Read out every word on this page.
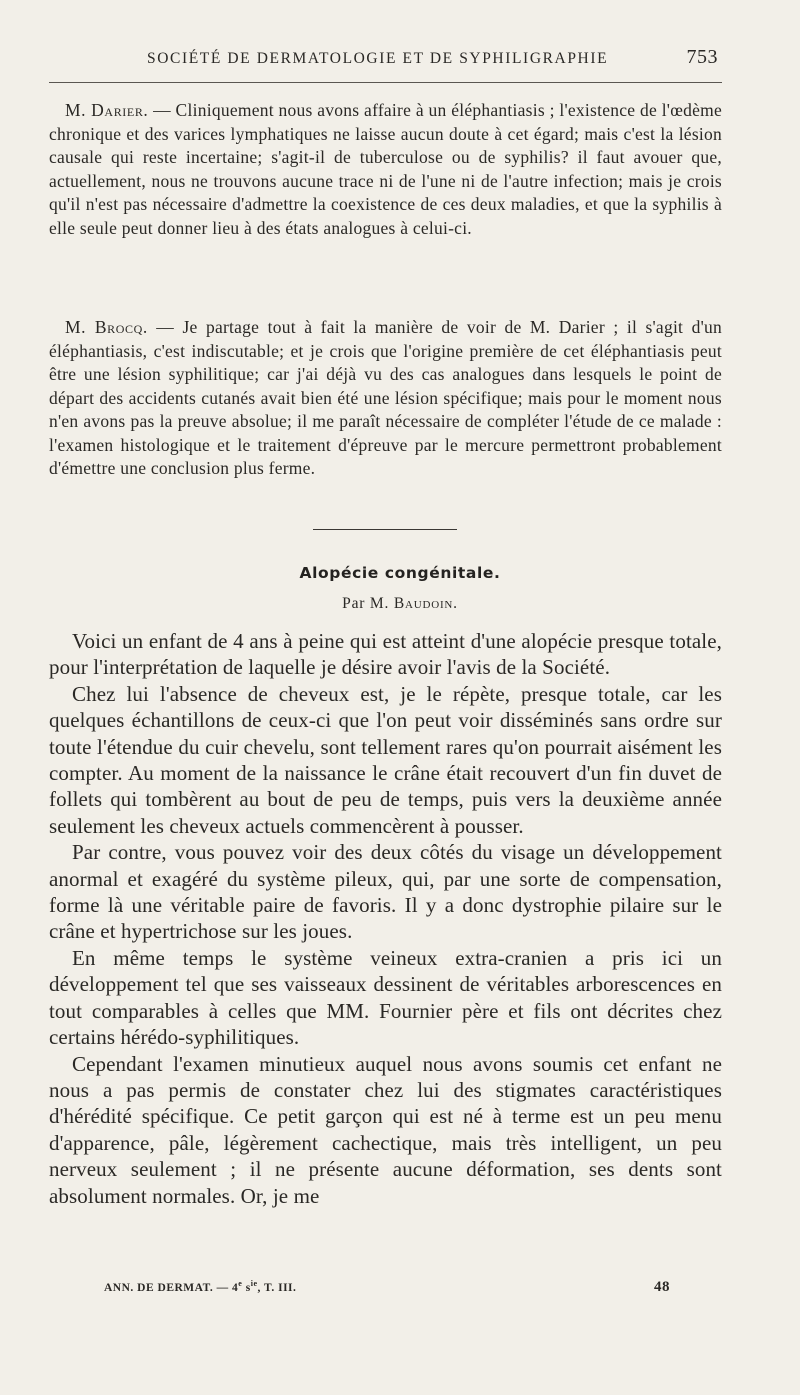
SOCIÉTÉ DE DERMATOLOGIE ET DE SYPHILIGRAPHIE	753

M. Darier. — Cliniquement nous avons affaire à un éléphantiasis ; l'existence de l'œdème chronique et des varices lymphatiques ne laisse aucun doute à cet égard; mais c'est la lésion causale qui reste incertaine; s'agit-il de tuberculose ou de syphilis? il faut avouer que, actuellement, nous ne trouvons aucune trace ni de l'une ni de l'autre infection; mais je crois qu'il n'est pas nécessaire d'admettre la coexistence de ces deux maladies, et que la syphilis à elle seule peut donner lieu à des états analogues à celui-ci.

M. Brocq. — Je partage tout à fait la manière de voir de M. Darier ; il s'agit d'un éléphantiasis, c'est indiscutable; et je crois que l'origine première de cet éléphantiasis peut être une lésion syphilitique; car j'ai déjà vu des cas analogues dans lesquels le point de départ des accidents cutanés avait bien été une lésion spécifique; mais pour le moment nous n'en avons pas la preuve absolue; il me paraît nécessaire de compléter l'étude de ce malade : l'examen histologique et le traitement d'épreuve par le mercure permettront probablement d'émettre une conclusion plus ferme.

Alopécie congénitale.

Par M. Baudoin.

Voici un enfant de 4 ans à peine qui est atteint d'une alopécie presque totale, pour l'interprétation de laquelle je désire avoir l'avis de la Société.

Chez lui l'absence de cheveux est, je le répète, presque totale, car les quelques échantillons de ceux-ci que l'on peut voir disséminés sans ordre sur toute l'étendue du cuir chevelu, sont tellement rares qu'on pourrait aisément les compter. Au moment de la naissance le crâne était recouvert d'un fin duvet de follets qui tombèrent au bout de peu de temps, puis vers la deuxième année seulement les cheveux actuels commencèrent à pousser.

Par contre, vous pouvez voir des deux côtés du visage un développement anormal et exagéré du système pileux, qui, par une sorte de compensation, forme là une véritable paire de favoris. Il y a donc dystrophie pilaire sur le crâne et hypertrichose sur les joues.

En même temps le système veineux extra-cranien a pris ici un développement tel que ses vaisseaux dessinent de véritables arborescences en tout comparables à celles que MM. Fournier père et fils ont décrites chez certains hérédo-syphilitiques.

Cependant l'examen minutieux auquel nous avons soumis cet enfant ne nous a pas permis de constater chez lui des stigmates caractéristiques d'hérédité spécifique. Ce petit garçon qui est né à terme est un peu menu d'apparence, pâle, légèrement cachectique, mais très intelligent, un peu nerveux seulement ; il ne présente aucune déformation, ses dents sont absolument normales. Or, je me

ANN. DE DERMAT. — 4e $s^{ie}$, T. III.	48
